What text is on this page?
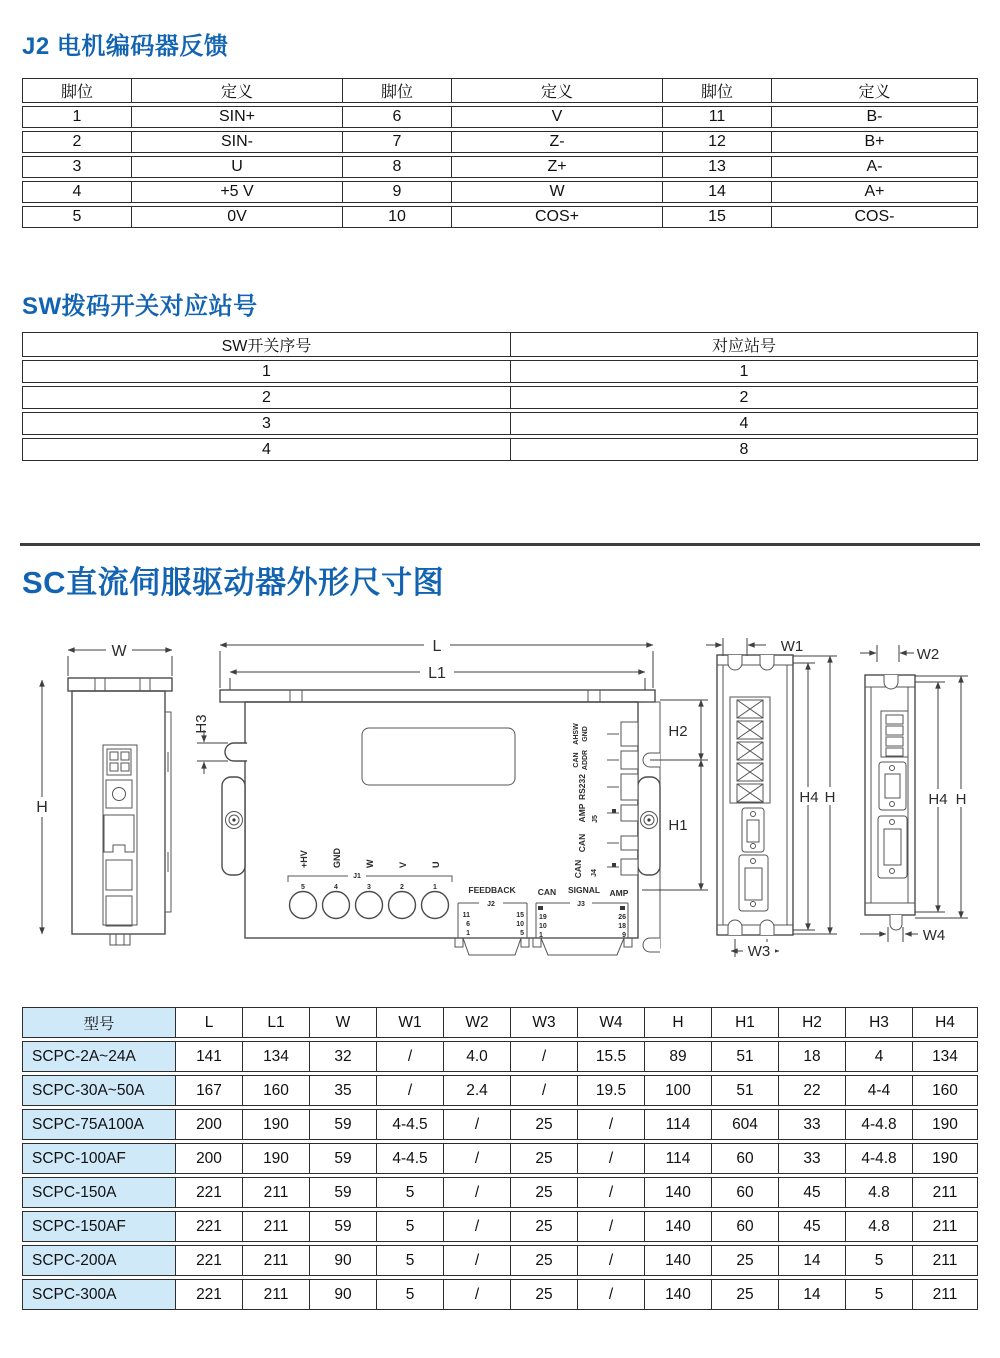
J2 电机编码器反馈
脚位	定义	脚位	定义	脚位	定义
1	SIN+	6	V	11	B-
2	SIN-	7	Z-	12	B+
3	U	8	Z+	13	A-
4	+5 V	9	W	14	A+
5	0V	10	COS+	15	COS-
SW拨码开关对应站号
SW开关序号	对应站号
1	1
2	2
3	4
4	8
SC直流伺服驱动器外形尺寸图
W
H
L
L1
H3	H2
H1
AHSW GND
CAN ADDR
RS232
AMP J5
CAN
CAN J4
+HV	GND	W	V	U
J1
5	4	3	2	1	FEEDBACK
J2
11
6
1
15
10
5
CAN SIGNAL AMP
J3
19
10
1
26
18
9
W1
H4 H
W3
W2
H4 H
W4
型号	L	L1	W	W1	W2	W3	W4	H	H1	H2	H3	H4
SCPC-2A~24A	141	134	32	/	4.0	/	15.5	89	51	18	4	134
SCPC-30A~50A	167	160	35	/	2.4	/	19.5	100	51	22	4-4	160
SCPC-75A100A	200	190	59	4-4.5	/	25	/	114	604	33	4-4.8	190
SCPC-100AF	200	190	59	4-4.5	/	25	/	114	60	33	4-4.8	190
SCPC-150A	221	211	59	5	/	25	/	140	60	45	4.8	211
SCPC-150AF	221	211	59	5	/	25	/	140	60	45	4.8	211
SCPC-200A	221	211	90	5	/	25	/	140	25	14	5	211
SCPC-300A	221	211	90	5	/	25	/	140	25	14	5	211
